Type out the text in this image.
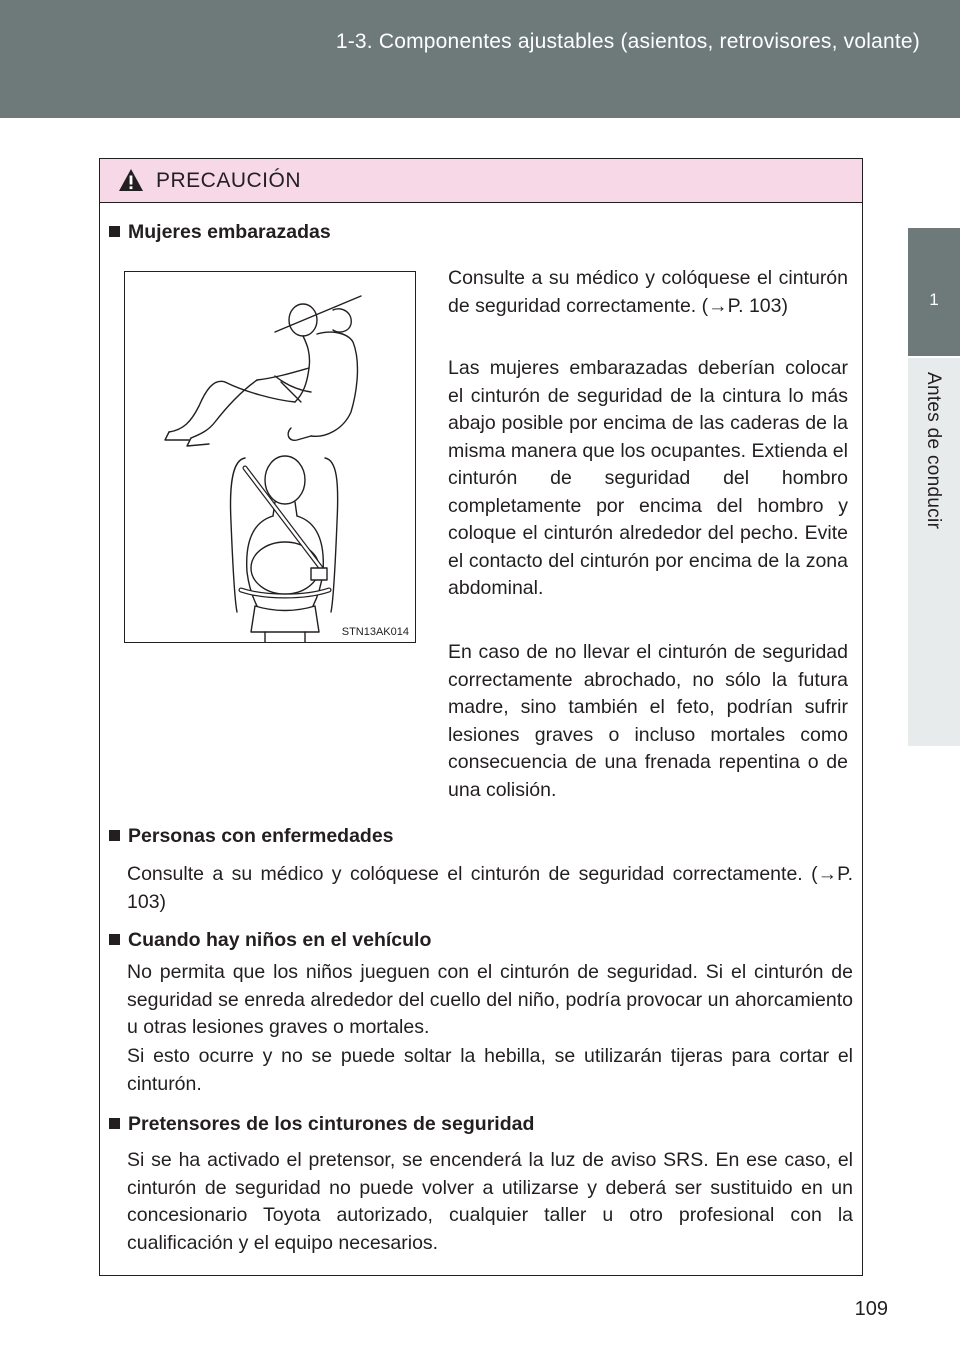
1-3. Componentes ajustables (asientos, retrovisores, volante)
1
Antes de conducir
PRECAUCIÓN
Mujeres embarazadas
STN13AK014

Consulte a su médico y colóquese el cinturón de seguridad correctamente. (→P. 103)

Las mujeres embarazadas deberían colocar el cinturón de seguridad de la cintura lo más abajo posible por encima de las caderas de la misma manera que los ocupantes. Extienda el cinturón de seguridad del hombro completamente por encima del hombro y coloque el cinturón alrededor del pecho. Evite el contacto del cinturón por encima de la zona abdominal.

En caso de no llevar el cinturón de seguridad correctamente abrochado, no sólo la futura madre, sino también el feto, podrían sufrir lesiones graves o incluso mortales como consecuencia de una frenada repentina o de una colisión.

Personas con enfermedades

Consulte a su médico y colóquese el cinturón de seguridad correctamente. (→P. 103)

Cuando hay niños en el vehículo

No permita que los niños jueguen con el cinturón de seguridad. Si el cinturón de seguridad se enreda alrededor del cuello del niño, podría provocar un ahorcamiento u otras lesiones graves o mortales.

Si esto ocurre y no se puede soltar la hebilla, se utilizarán tijeras para cortar el cinturón.

Pretensores de los cinturones de seguridad

Si se ha activado el pretensor, se encenderá la luz de aviso SRS. En ese caso, el cinturón de seguridad no puede volver a utilizarse y deberá ser sustituido en un concesionario Toyota autorizado, cualquier taller u otro profesional con la cualificación y el equipo necesarios.

109
